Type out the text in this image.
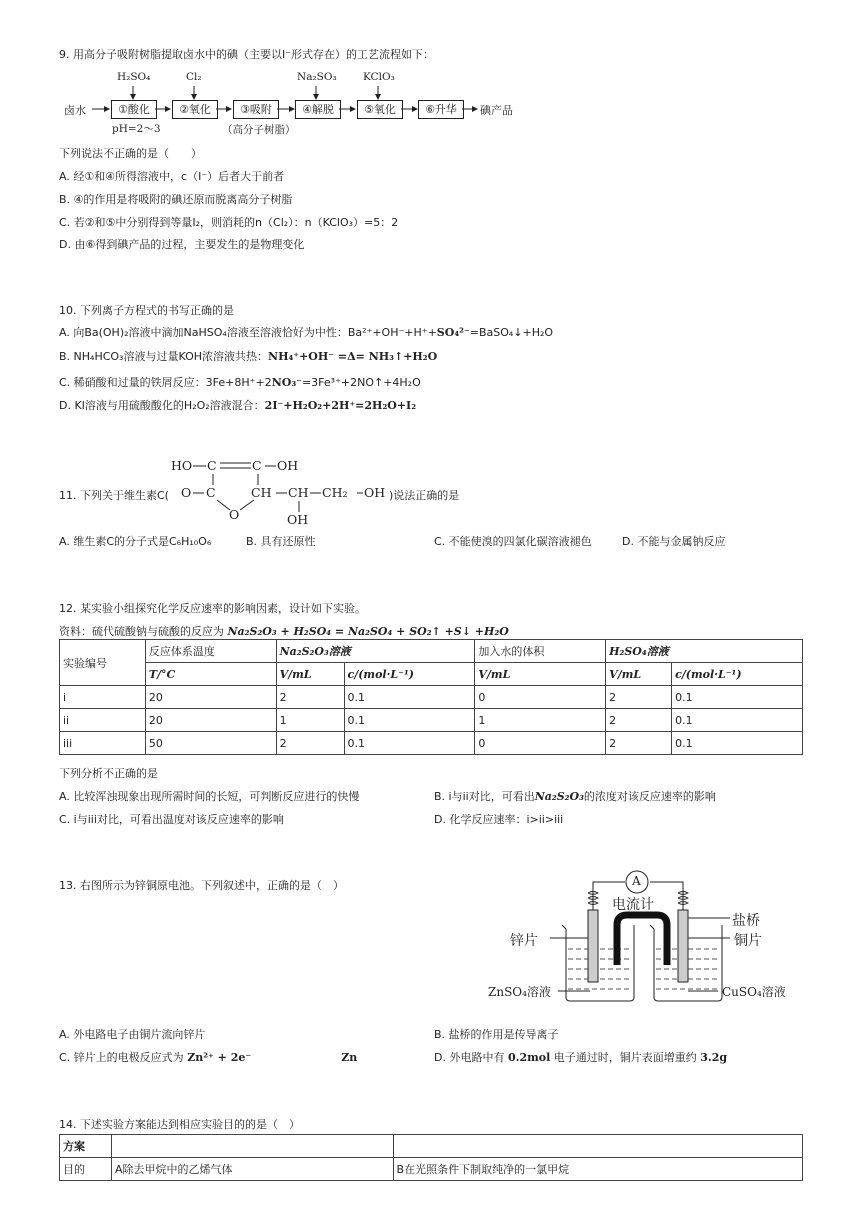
9. 用高分子吸附树脂提取卤水中的碘（主要以I⁻形式存在）的工艺流程如下：
H₂SO₄	Cl₂	Na₂SO₃	KClO₃
卤水	①酸化	②氧化	③吸附	④解脱	⑤氧化	⑥升华	碘产品
pH=2～3	（高分子树脂）
下列说法不正确的是（　　）
A. 经①和④所得溶液中，c（I⁻）后者大于前者
B. ④的作用是将吸附的碘还原而脱离高分子树脂
C. 若②和⑤中分别得到等量I₂，则消耗的n（Cl₂）：n（KClO₃）=5：2
D. 由⑥得到碘产品的过程，主要发生的是物理变化
10. 下列离子方程式的书写正确的是
A. 向Ba(OH)₂溶液中滴加NaHSO₄溶液至溶液恰好为中性：Ba²⁺+OH⁻+H⁺+SO₄²⁻=BaSO₄↓+H₂O
B. NH₄HCO₃溶液与过量KOH浓溶液共热：NH₄⁺+OH⁻ =Δ= NH₃↑+H₂O
C. 稀硝酸和过量的铁屑反应：3Fe+8H⁺+2NO₃⁻=3Fe³⁺+2NO↑+4H₂O
D. KI溶液与用硫酸酸化的H₂O₂溶液混合：2I⁻+H₂O₂+2H⁺=2H₂O+I₂
11. 下列关于维生素C(	)说法正确的是
HO C	C OH
O C	CH CH CH₂ OH
O	OH
A. 维生素C的分子式是C₆H₁₀O₆	B. 具有还原性	C. 不能使溴的四氯化碳溶液褪色	D. 不能与金属钠反应
12. 某实验小组探究化学反应速率的影响因素，设计如下实验。
资料：硫代硫酸钠与硫酸的反应为 Na₂S₂O₃ + H₂SO₄ = Na₂SO₄ + SO₂↑ +S↓ +H₂O
实验编号	反应体系温度	Na₂S₂O₃溶液		加入水的体积	H₂SO₄溶液	
	T/°C	V/mL	c/(mol·L⁻¹)	V/mL	V/mL	c/(mol·L⁻¹)
i	20	2	0.1	0	2	0.1
ii	20	1	0.1	1	2	0.1
iii	50	2	0.1	0	2	0.1
下列分析不正确的是
A. 比较浑浊现象出现所需时间的长短，可判断反应进行的快慢	B. i与ii对比，可看出Na₂S₂O₃的浓度对该反应速率的影响
C. i与iii对比，可看出温度对该反应速率的影响	D. 化学反应速率：i>ii>iii
13. 右图所示为锌铜原电池。下列叙述中，正确的是（　）	A
电流计
盐桥
锌片	铜片
ZnSO₄溶液	CuSO₄溶液
A. 外电路电子由铜片流向锌片	B. 盐桥的作用是传导离子
C. 锌片上的电极反应式为 Zn²⁺ + 2e⁻	Zn	D. 外电路中有 0.2mol 电子通过时，铜片表面增重约 3.2g
14. 下述实验方案能达到相应实验目的的是（　）
方案		
目的	A除去甲烷中的乙烯气体	B在光照条件下制取纯净的一氯甲烷
